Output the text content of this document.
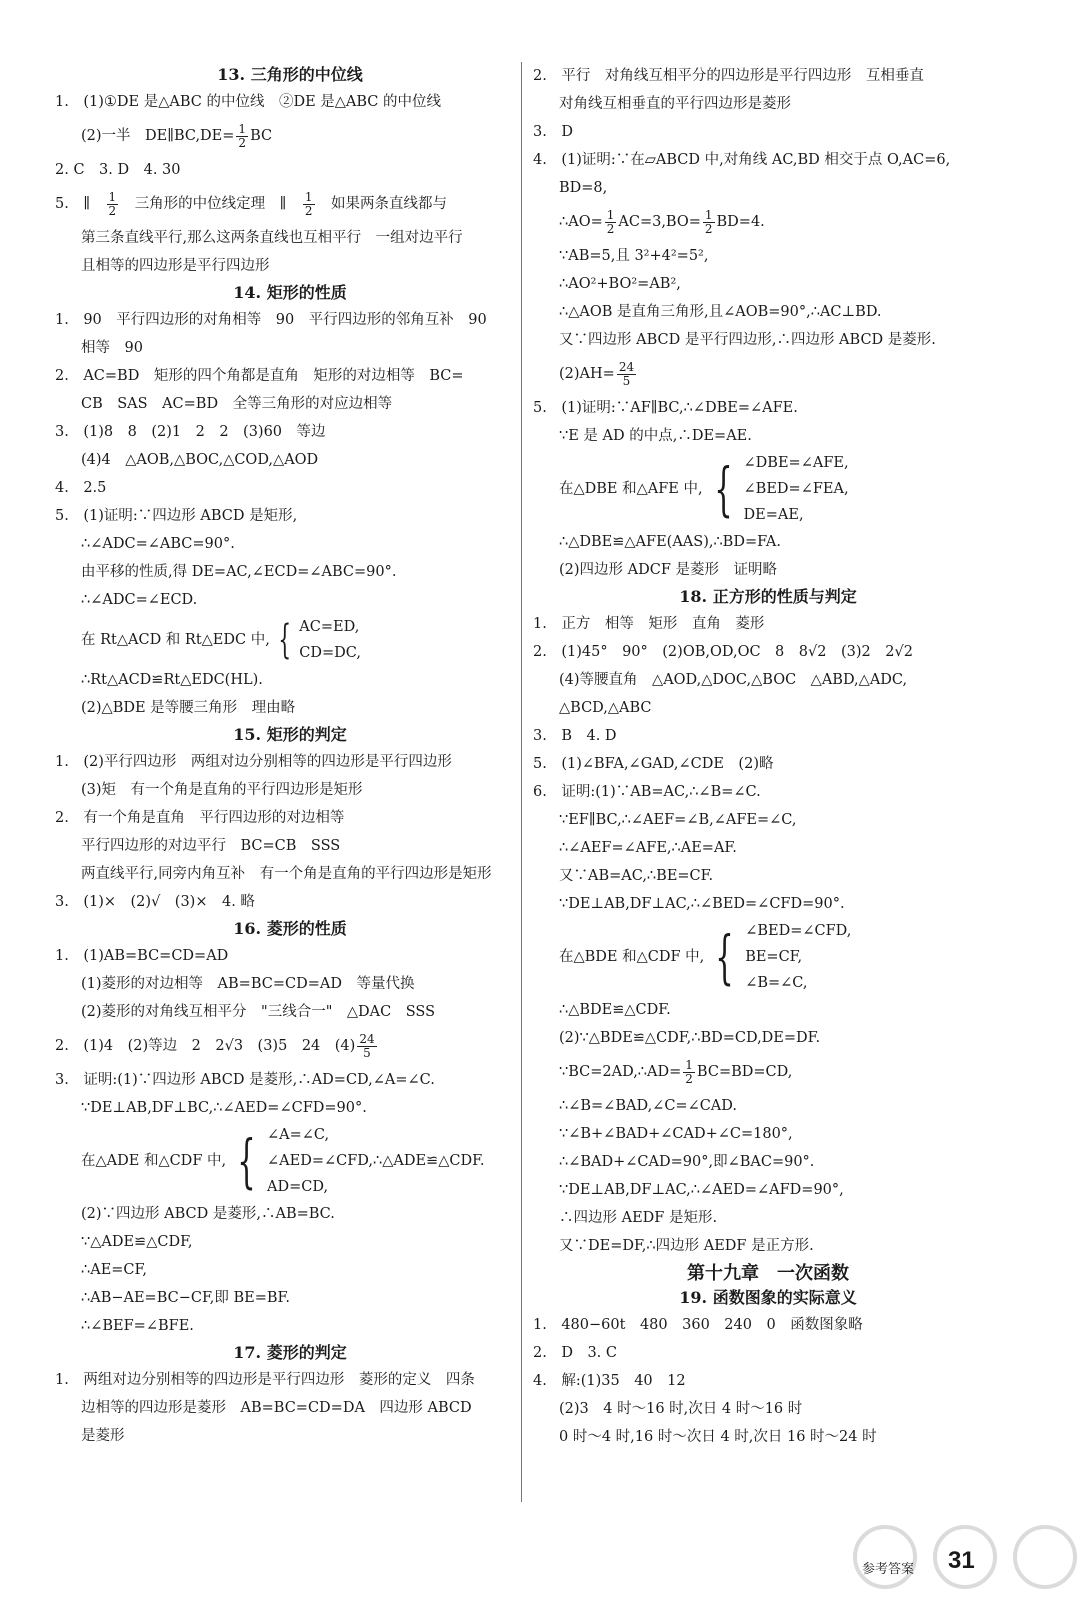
13. 三角形的中位线
1. (1)①DE 是△ABC 的中位线 ②DE 是△ABC 的中位线
(2)一半 DE∥BC,DE= $\frac{1}{2}$ BC
2. C 3. D 4. 30
5. ∥  $\frac{1}{2}$  三角形的中位线定理 ∥  $\frac{1}{2}$  如果两条直线都与
第三条直线平行,那么这两条直线也互相平行 一组对边平行
且相等的四边形是平行四边形
14. 矩形的性质
1. 90 平行四边形的对角相等 90 平行四边形的邻角互补 90
相等 90
2. AC=BD 矩形的四个角都是直角 矩形的对边相等 BC=
CB SAS AC=BD 全等三角形的对应边相等
3. (1)8 8 (2)1 2 2 (3)60 等边
(4)4 △AOB,△BOC,△COD,△AOD
4. 2.5
5. (1)证明:∵四边形 ABCD 是矩形,
∴∠ADC=∠ABC=90°.
由平移的性质,得 DE=AC,∠ECD=∠ABC=90°.
∴∠ADC=∠ECD.
在 Rt△ACD 和 Rt△EDC 中, { AC=ED,
CD=DC,
∴Rt△ACD≌Rt△EDC(HL).
(2)△BDE 是等腰三角形 理由略
15. 矩形的判定
1. (2)平行四边形 两组对边分别相等的四边形是平行四边形
(3)矩 有一个角是直角的平行四边形是矩形
2. 有一个角是直角 平行四边形的对边相等
平行四边形的对边平行 BC=CB SSS
两直线平行,同旁内角互补 有一个角是直角的平行四边形是矩形
3. (1)× (2)√ (3)× 4. 略
16. 菱形的性质
1. (1)AB=BC=CD=AD
(1)菱形的对边相等 AB=BC=CD=AD 等量代换
(2)菱形的对角线互相平分 "三线合一" △DAC SSS
2. (1)4 (2)等边 2 2√3 (3)5 24 $(4) \frac{24}{5}$
3. 证明:(1)∵四边形 ABCD 是菱形,∴AD=CD,∠A=∠C.
∵DE⊥AB,DF⊥BC,∴∠AED=∠CFD=90°.
在△ADE 和△CDF 中, { ∠A=∠C,
∠AED=∠CFD,∴△ADE≌△CDF.
AD=CD,
(2)∵四边形 ABCD 是菱形,∴AB=BC.
∵△ADE≌△CDF,
∴AE=CF,
∴AB−AE=BC−CF,即 BE=BF.
∴∠BEF=∠BFE.
17. 菱形的判定
1. 两组对边分别相等的四边形是平行四边形 菱形的定义 四条
边相等的四边形是菱形 AB=BC=CD=DA 四边形 ABCD
是菱形
2. 平行 对角线互相平分的四边形是平行四边形 互相垂直
对角线互相垂直的平行四边形是菱形
3. D
4. (1)证明:∵在▱ABCD 中,对角线 AC,BD 相交于点 O,AC=6,
BD=8,
∴AO= $\frac{1}{2} AC=3,BO= \frac{1}{2} BD=4$.
∵AB=5,且 3²+4²=5²,
∴AO²+BO²=AB²,
∴△AOB 是直角三角形,且∠AOB=90°,∴AC⊥BD.
又∵四边形 ABCD 是平行四边形,∴四边形 ABCD 是菱形.
$(2)AH= \frac{24}{5}$
5. (1)证明:∵AF∥BC,∴∠DBE=∠AFE.
∵E 是 AD 的中点,∴DE=AE.
在△DBE 和△AFE 中, { ∠DBE=∠AFE,
∠BED=∠FEA,
DE=AE,
∴△DBE≌△AFE(AAS),∴BD=FA.
(2)四边形 ADCF 是菱形 证明略
18. 正方形的性质与判定
1. 正方 相等 矩形 直角 菱形
2. (1)45° 90° (2)OB,OD,OC 8 8√2 (3)2 2√2
(4)等腰直角 △AOD,△DOC,△BOC △ABD,△ADC,
△BCD,△ABC
3. B 4. D
5. (1)∠BFA,∠GAD,∠CDE (2)略
6. 证明:(1)∵AB=AC,∴∠B=∠C.
∵EF∥BC,∴∠AEF=∠B,∠AFE=∠C,
∴∠AEF=∠AFE,∴AE=AF.
又∵AB=AC,∴BE=CF.
∵DE⊥AB,DF⊥AC,∴∠BED=∠CFD=90°.
在△BDE 和△CDF 中, { ∠BED=∠CFD,
BE=CF,
∠B=∠C,
∴△BDE≌△CDF.
(2)∵△BDE≌△CDF,∴BD=CD,DE=DF.
∵BC=2AD,∴AD= $\frac{1}{2} BC=BD=CD$,
∴∠B=∠BAD,∠C=∠CAD.
∵∠B+∠BAD+∠CAD+∠C=180°,
∴∠BAD+∠CAD=90°,即∠BAC=90°.
∵DE⊥AB,DF⊥AC,∴∠AED=∠AFD=90°,
∴四边形 AEDF 是矩形.
又∵DE=DF,∴四边形 AEDF 是正方形.
第十九章 一次函数
19. 函数图象的实际意义
1. 480−60t 480 360 240 0 函数图象略
2. D 3. C
4. 解:(1)35 40 12
(2)3 4 时～16 时,次日 4 时～16 时
0 时～4 时,16 时～次日 4 时,次日 16 时～24 时
参考答案 31
